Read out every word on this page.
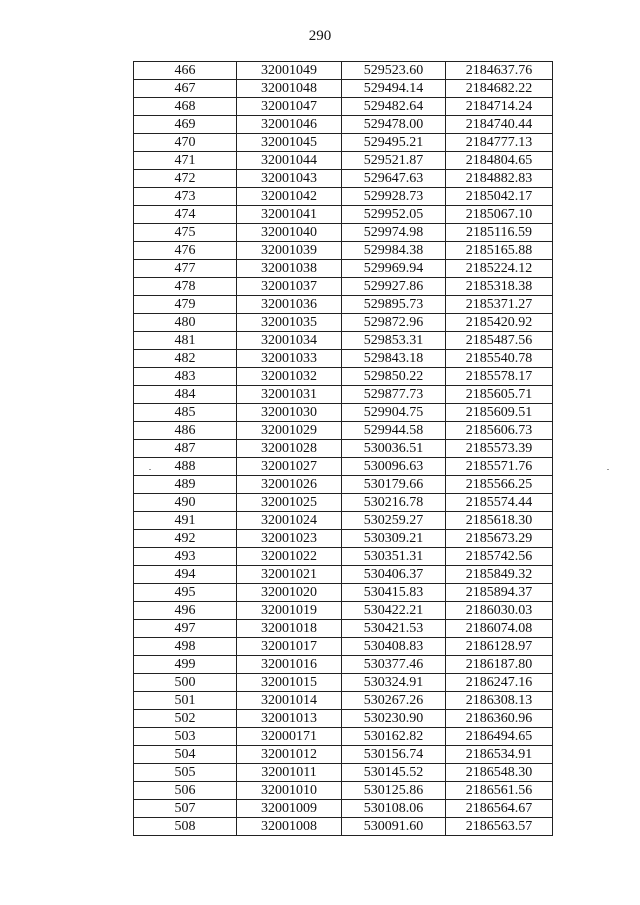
290
466	32001049	529523.60	2184637.76
467	32001048	529494.14	2184682.22
468	32001047	529482.64	2184714.24
469	32001046	529478.00	2184740.44
470	32001045	529495.21	2184777.13
471	32001044	529521.87	2184804.65
472	32001043	529647.63	2184882.83
473	32001042	529928.73	2185042.17
474	32001041	529952.05	2185067.10
475	32001040	529974.98	2185116.59
476	32001039	529984.38	2185165.88
477	32001038	529969.94	2185224.12
478	32001037	529927.86	2185318.38
479	32001036	529895.73	2185371.27
480	32001035	529872.96	2185420.92
481	32001034	529853.31	2185487.56
482	32001033	529843.18	2185540.78
483	32001032	529850.22	2185578.17
484	32001031	529877.73	2185605.71
485	32001030	529904.75	2185609.51
486	32001029	529944.58	2185606.73
487	32001028	530036.51	2185573.39
488	32001027	530096.63	2185571.76
489	32001026	530179.66	2185566.25
490	32001025	530216.78	2185574.44
491	32001024	530259.27	2185618.30
492	32001023	530309.21	2185673.29
493	32001022	530351.31	2185742.56
494	32001021	530406.37	2185849.32
495	32001020	530415.83	2185894.37
496	32001019	530422.21	2186030.03
497	32001018	530421.53	2186074.08
498	32001017	530408.83	2186128.97
499	32001016	530377.46	2186187.80
500	32001015	530324.91	2186247.16
501	32001014	530267.26	2186308.13
502	32001013	530230.90	2186360.96
503	32000171	530162.82	2186494.65
504	32001012	530156.74	2186534.91
505	32001011	530145.52	2186548.30
506	32001010	530125.86	2186561.56
507	32001009	530108.06	2186564.67
508	32001008	530091.60	2186563.57
